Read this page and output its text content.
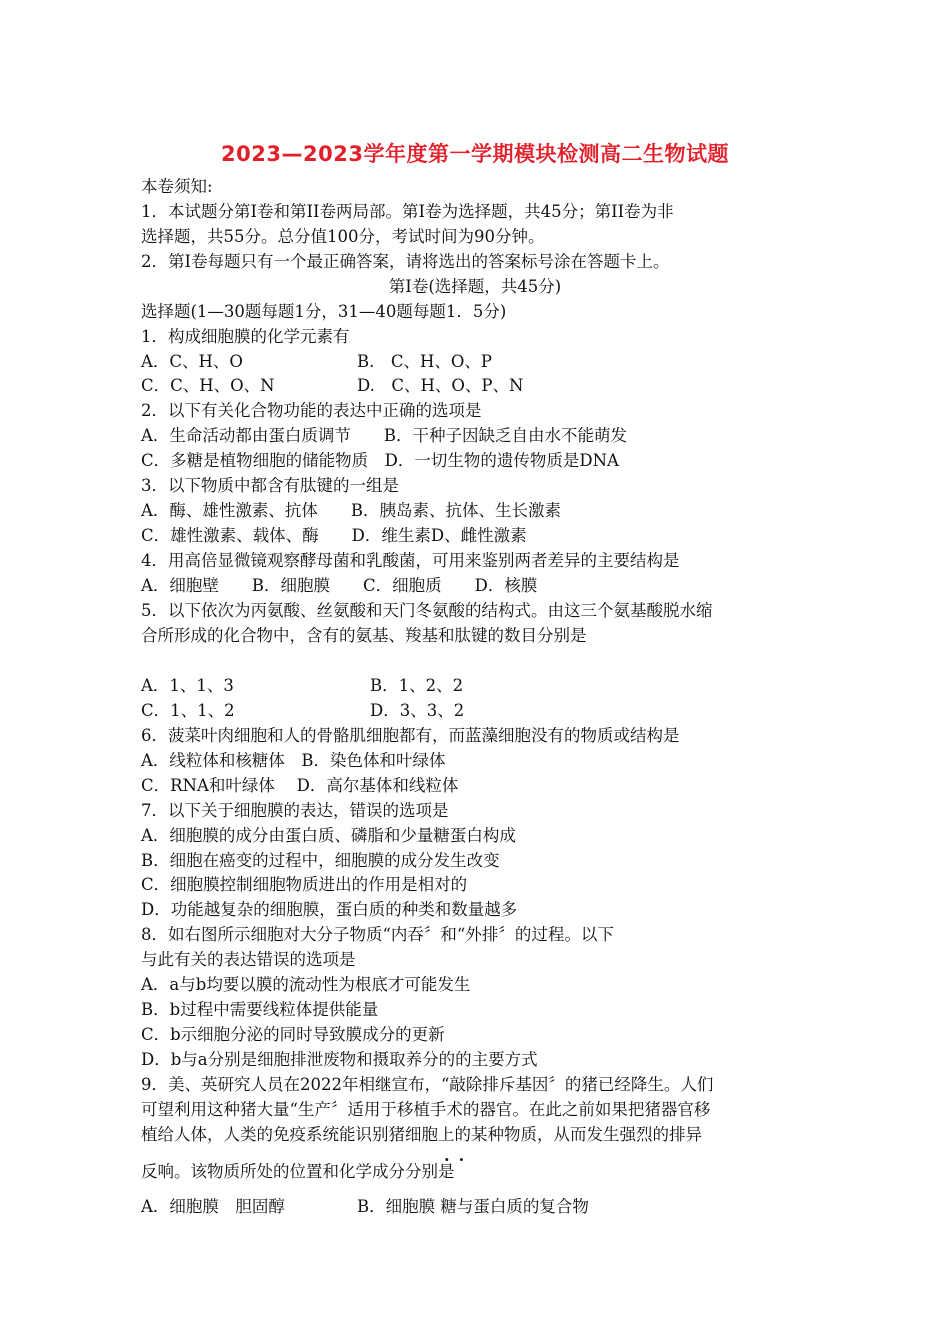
2023—2023学年度第一学期模块检测高二生物试题
本卷须知:
1．本试题分第Ⅰ卷和第II卷两局部。第Ⅰ卷为选择题，共45分；第II卷为非
选择题，共55分。总分值100分，考试时间为90分钟。
2．第Ⅰ卷每题只有一个最正确答案，请将选出的答案标号涂在答题卡上。
第Ⅰ卷(选择题，共45分)
选择题(1—30题每题1分，31—40题每题1．5分)
1．构成细胞膜的化学元素有
A．C、H、O	B.　C、H、O、P
C．C、H、O、N	D.　C、H、O、P、N
2．以下有关化合物功能的表达中正确的选项是
A．生命活动都由蛋白质调节　　B．干种子因缺乏自由水不能萌发
C．多糖是植物细胞的储能物质　D．一切生物的遗传物质是DNA
3．以下物质中都含有肽键的一组是
A．酶、雄性激素、抗体　　B．胰岛素、抗体、生长激素
C．雄性激素、载体、酶　　D．维生素D、雌性激素
4．用高倍显微镜观察酵母菌和乳酸菌，可用来鉴别两者差异的主要结构是
A．细胞壁　　B．细胞膜　　C．细胞质　　D．核膜
5．以下依次为丙氨酸、丝氨酸和天门冬氨酸的结构式。由这三个氨基酸脱水缩
合所形成的化合物中，含有的氨基、羧基和肽键的数目分别是
A．1、1、3	B．1、2、2
C．1、1、2	D．3、3、2
6．菠菜叶肉细胞和人的骨骼肌细胞都有，而蓝藻细胞没有的物质或结构是
A．线粒体和核糖体　B．染色体和叶绿体
C．RNA和叶绿体　 D．高尔基体和线粒体
7．以下关于细胞膜的表达，错误的选项是
A．细胞膜的成分由蛋白质、磷脂和少量糖蛋白构成
B．细胞在癌变的过程中，细胞膜的成分发生改变
C．细胞膜控制细胞物质进出的作用是相对的
D．功能越复杂的细胞膜，蛋白质的种类和数量越多
8．如右图所示细胞对大分子物质“内吞〞和“外排〞的过程。以下
与此有关的表达错误的选项是
A．a与b均要以膜的流动性为根底才可能发生
B．b过程中需要线粒体提供能量
C．b示细胞分泌的同时导致膜成分的更新
D．b与a分别是细胞排泄废物和摄取养分的的主要方式
9．美、英研究人员在2022年相继宣布，“敲除排斥基因〞的猪已经降生。人们
可望利用这种猪大量“生产〞适用于移植手术的器官。在此之前如果把猪器官移
植给人体，人类的免疫系统能识别猪细胞上的某种物质，从而发生强烈的排异
··
反响。该物质所处的位置和化学成分分别是
A．细胞膜　胆固醇	B．细胞膜 糖与蛋白质的复合物
